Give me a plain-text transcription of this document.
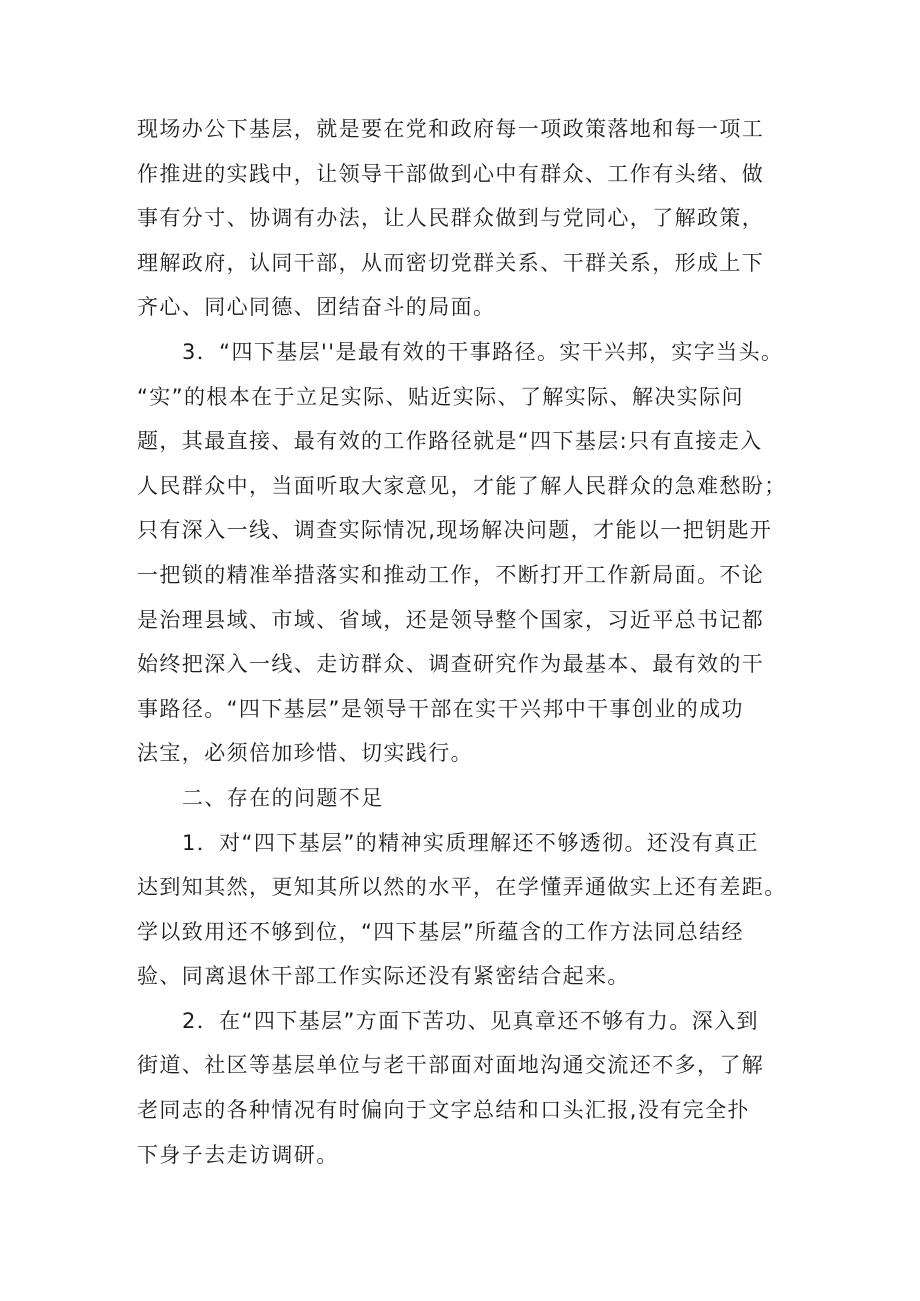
现场办公下基层，就是要在党和政府每一项政策落地和每一项工
作推进的实践中，让领导干部做到心中有群众、工作有头绪、做
事有分寸、协调有办法，让人民群众做到与党同心，了解政策，
理解政府，认同干部，从而密切党群关系、干群关系，形成上下
齐心、同心同德、团结奋斗的局面。
3．“四下基层''是最有效的干事路径。实干兴邦，实字当头。
“实”的根本在于立足实际、贴近实际、了解实际、解决实际问
题，其最直接、最有效的工作路径就是“四下基层:只有直接走入
人民群众中，当面听取大家意见，才能了解人民群众的急难愁盼；
只有深入一线、调查实际情况,现场解决问题，才能以一把钥匙开
一把锁的精准举措落实和推动工作，不断打开工作新局面。不论
是治理县域、市域、省域，还是领导整个国家，习近平总书记都
始终把深入一线、走访群众、调查研究作为最基本、最有效的干
事路径。“四下基层”是领导干部在实干兴邦中干事创业的成功
法宝，必须倍加珍惜、切实践行。
二、存在的问题不足
1．对“四下基层”的精神实质理解还不够透彻。还没有真正
达到知其然，更知其所以然的水平，在学懂弄通做实上还有差距。
学以致用还不够到位，“四下基层”所蕴含的工作方法同总结经
验、同离退休干部工作实际还没有紧密结合起来。
2．在“四下基层”方面下苦功、见真章还不够有力。深入到
街道、社区等基层单位与老干部面对面地沟通交流还不多，了解
老同志的各种情况有时偏向于文字总结和口头汇报,没有完全扑
下身子去走访调研。
